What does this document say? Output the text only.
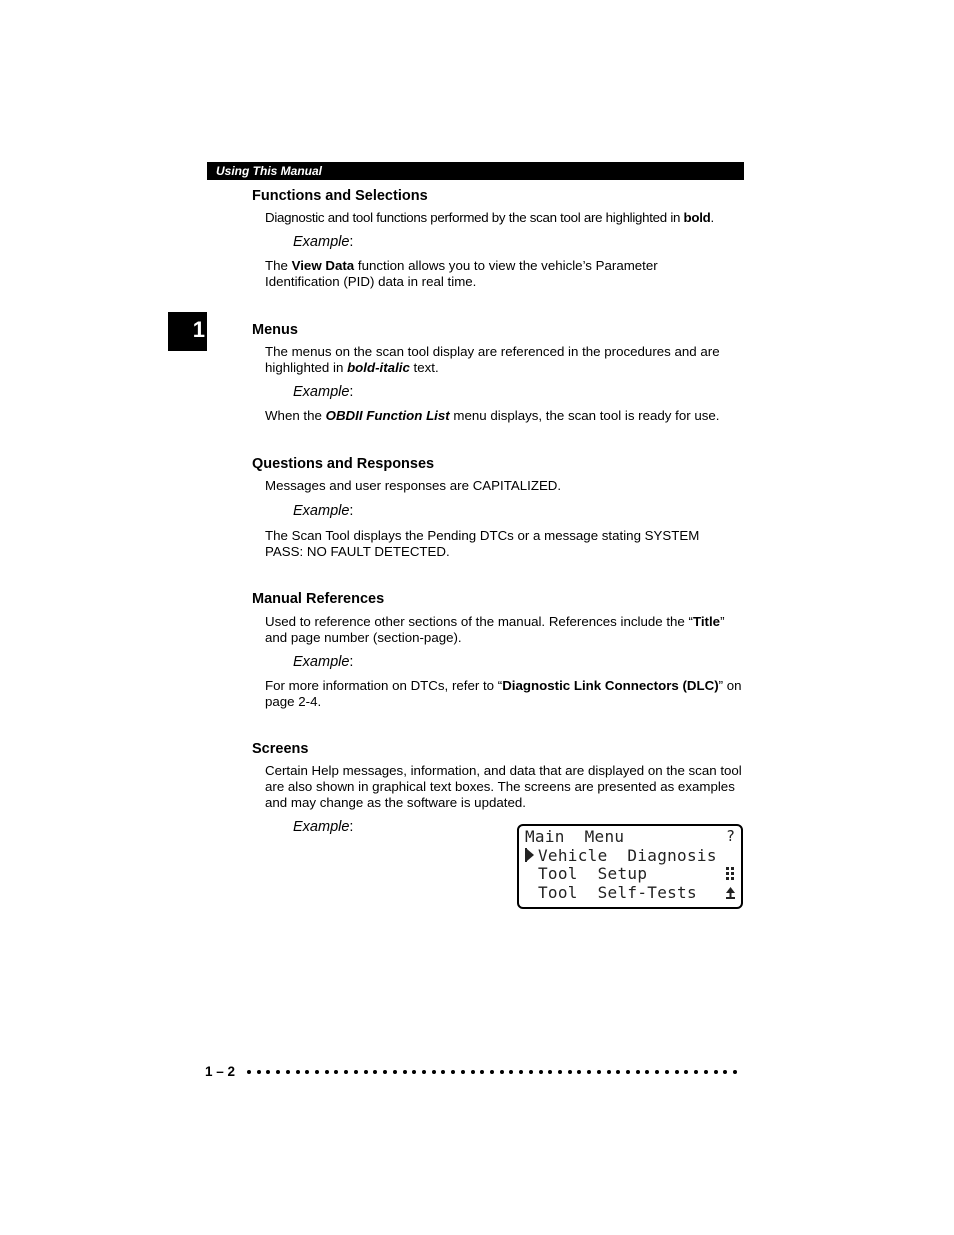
Using This Manual
1
Functions and Selections
Diagnostic and tool functions performed by the scan tool are highlighted in bold.
Example:
The View Data function allows you to view the vehicle’s Parameter Identification (PID) data in real time.
Menus
The menus on the scan tool display are referenced in the procedures and are highlighted in bold-italic text.
Example:
When the OBDII Function List menu displays, the scan tool is ready for use.
Questions and Responses
Messages and user responses are CAPITALIZED.
Example:
The Scan Tool displays the Pending DTCs or a message stating SYSTEM PASS: NO FAULT DETECTED.
Manual References
Used to reference other sections of the manual. References include the “Title” and page number (section-page).
Example:
For more information on DTCs, refer to “Diagnostic Link Connectors (DLC)” on page 2-4.
Screens
Certain Help messages, information, and data that are displayed on the scan tool are also shown in graphical text boxes. The screens are presented as examples and may change as the software is updated.
Example:	Main  Menu	?
Vehicle  Diagnosis
Tool  Setup
Tool  Self-Tests
1 – 2
